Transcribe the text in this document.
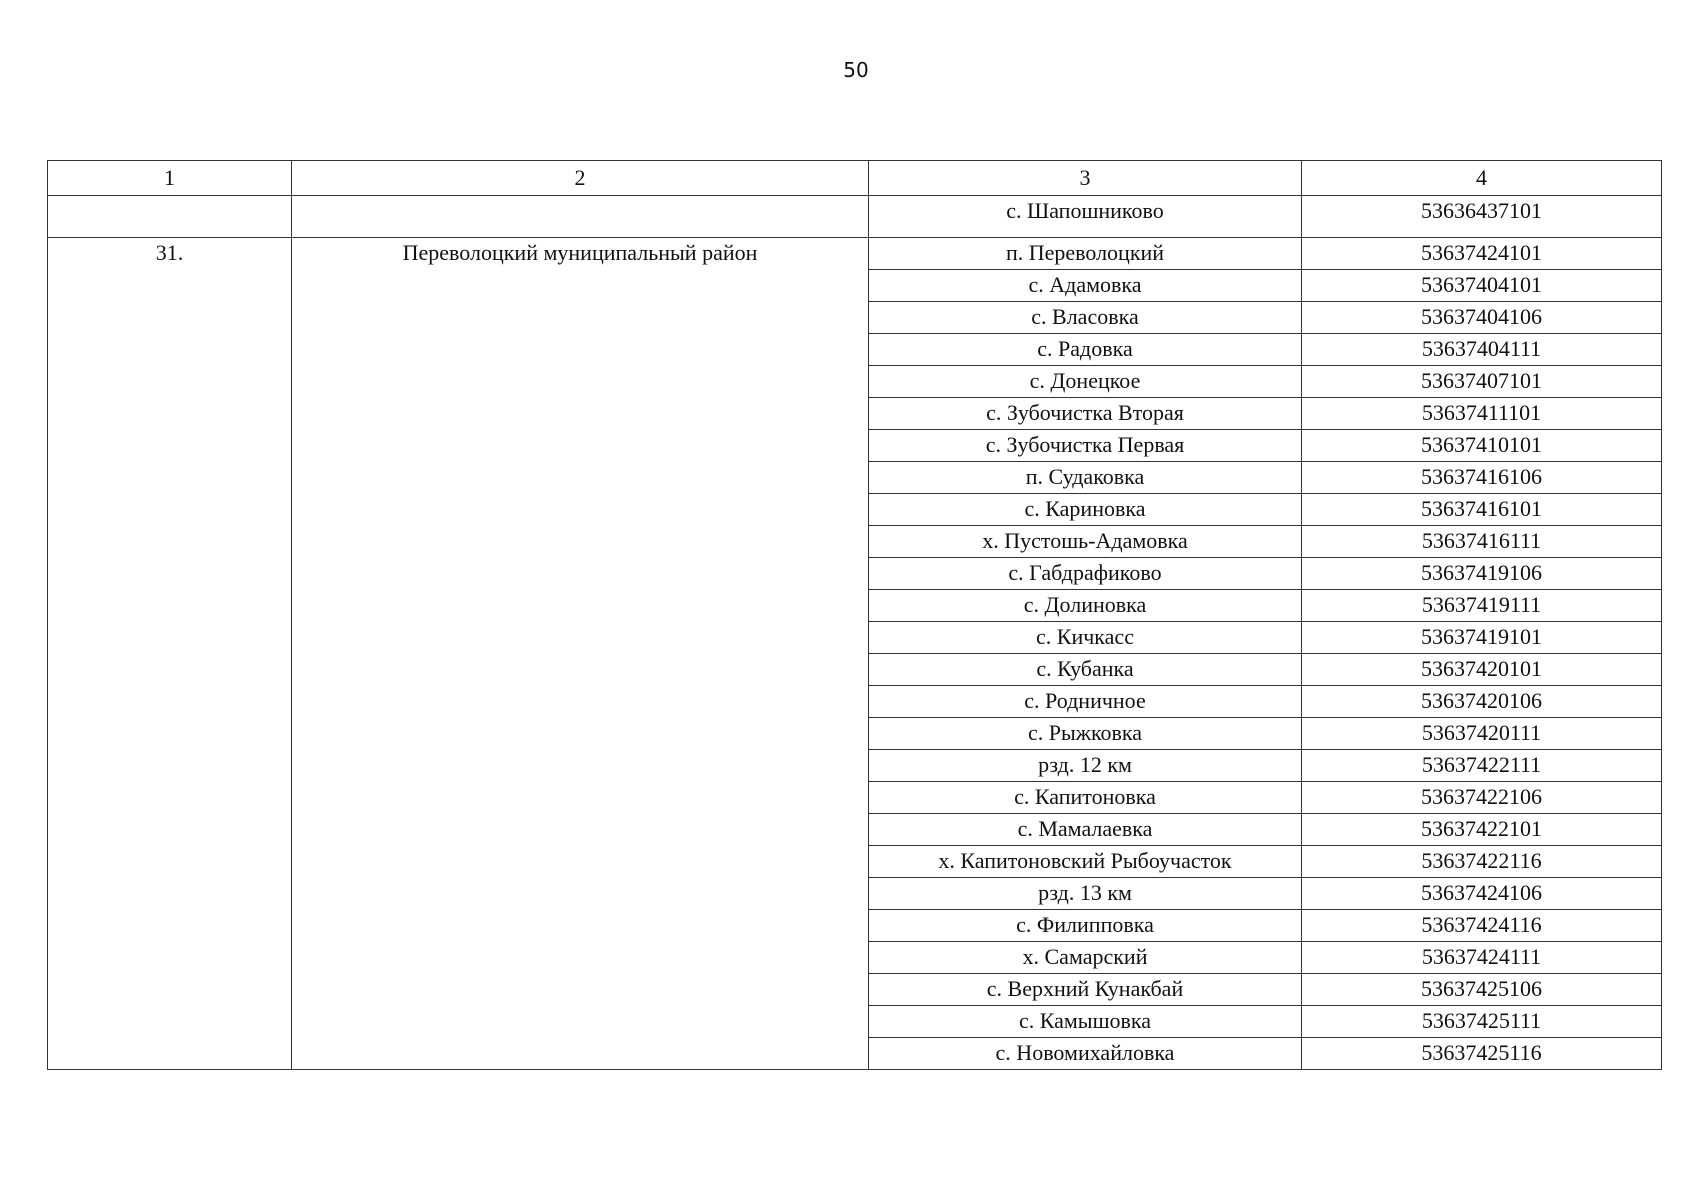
50
1	2	3	4
		с. Шапошниково	53636437101
31.	Переволоцкий муниципальный район	п. Переволоцкий	53637424101
		с. Адамовка	53637404101
		с. Власовка	53637404106
		с. Радовка	53637404111
		с. Донецкое	53637407101
		с. Зубочистка Вторая	53637411101
		с. Зубочистка Первая	53637410101
		п. Судаковка	53637416106
		с. Кариновка	53637416101
		х. Пустошь-Адамовка	53637416111
		с. Габдрафиково	53637419106
		с. Долиновка	53637419111
		с. Кичкасс	53637419101
		с. Кубанка	53637420101
		с. Родничное	53637420106
		с. Рыжковка	53637420111
		рзд. 12 км	53637422111
		с. Капитоновка	53637422106
		с. Мамалаевка	53637422101
		х. Капитоновский Рыбоучасток	53637422116
		рзд. 13 км	53637424106
		с. Филипповка	53637424116
		х. Самарский	53637424111
		с. Верхний Кунакбай	53637425106
		с. Камышовка	53637425111
		с. Новомихайловка	53637425116
